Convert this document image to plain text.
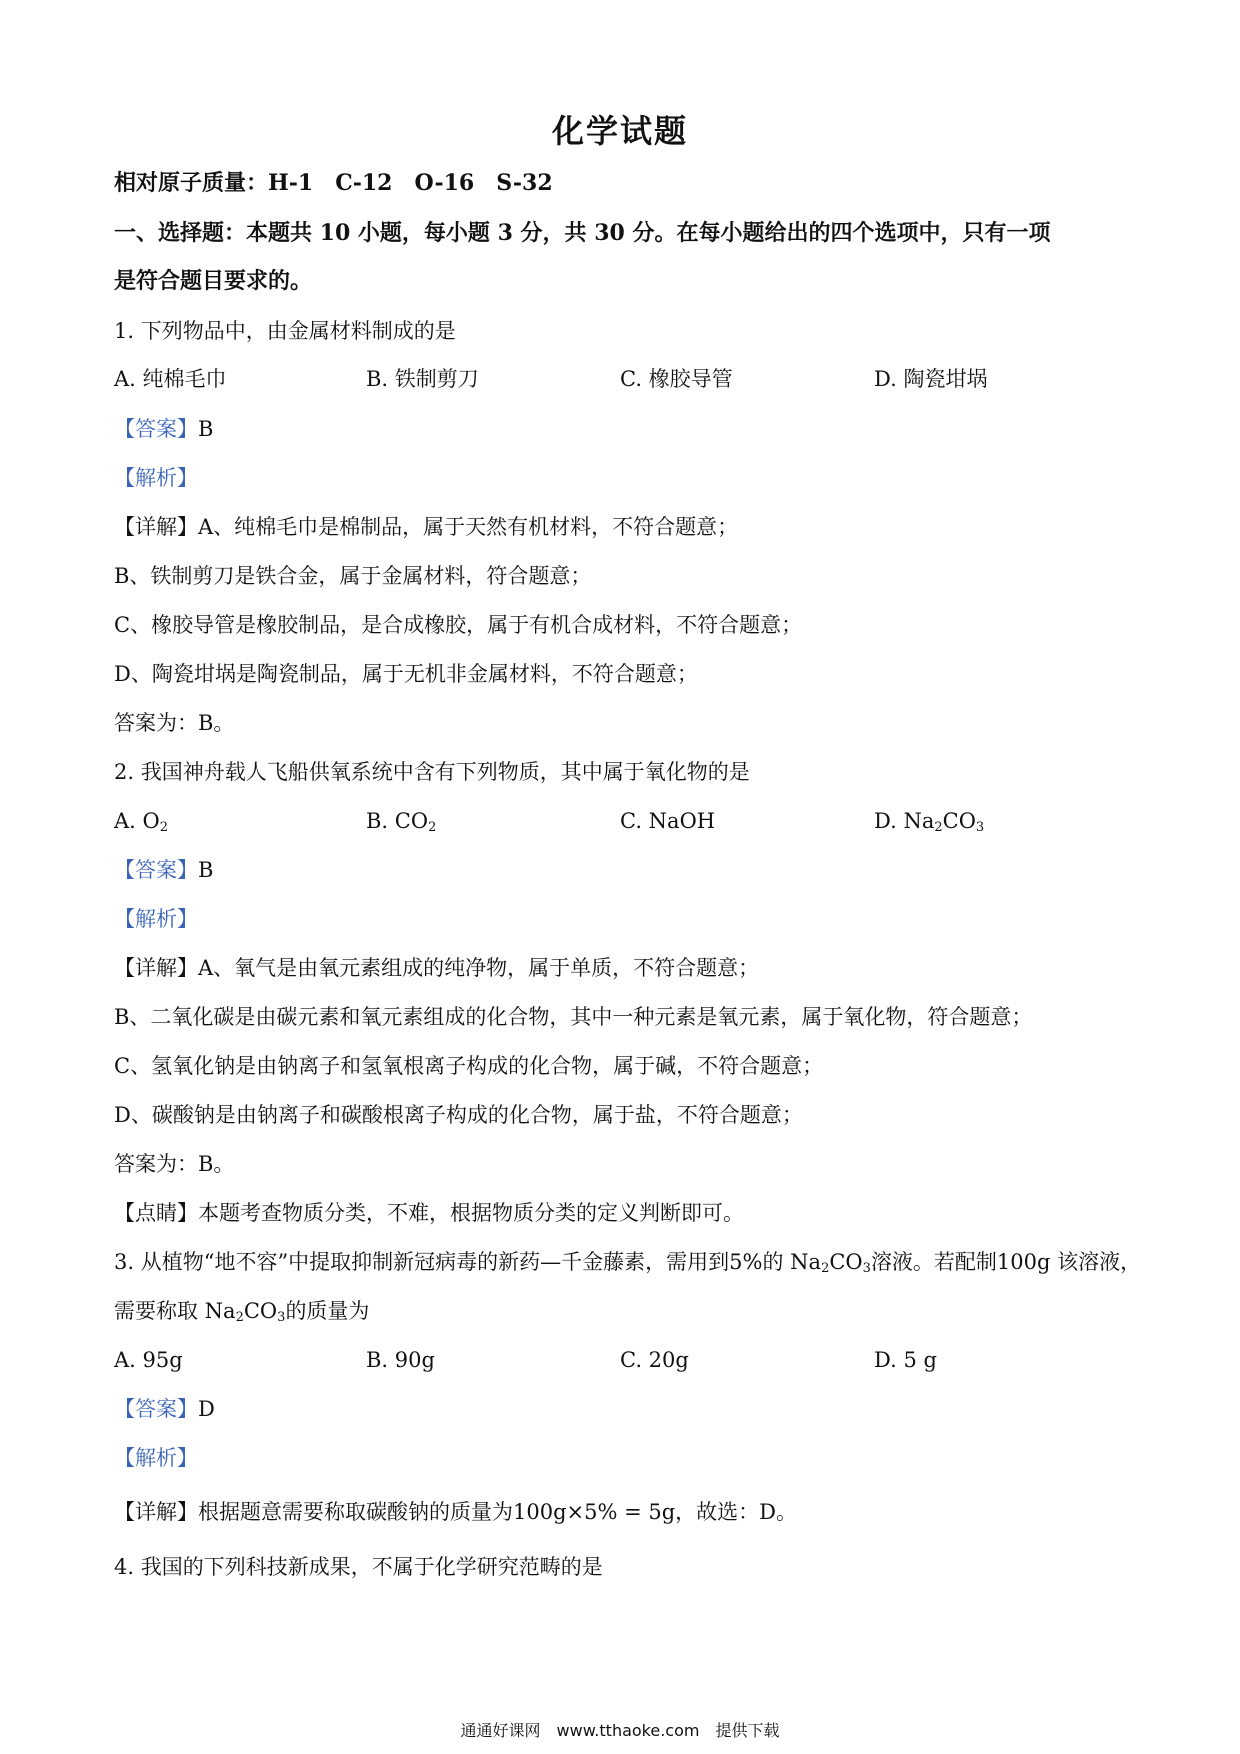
化学试题
相对原子质量：H-1　C-12　O-16　S-32
一、选择题：本题共 10 小题，每小题 3 分，共 30 分。在每小题给出的四个选项中，只有一项
是符合题目要求的。
1. 下列物品中，由金属材料制成的是
A. 纯棉毛巾	B. 铁制剪刀	C. 橡胶导管	D. 陶瓷坩埚
【答案】B
【解析】
【详解】A、纯棉毛巾是棉制品，属于天然有机材料，不符合题意；
B、铁制剪刀是铁合金，属于金属材料，符合题意；
C、橡胶导管是橡胶制品，是合成橡胶，属于有机合成材料，不符合题意；
D、陶瓷坩埚是陶瓷制品，属于无机非金属材料，不符合题意；
答案为：B。
2. 我国神舟载人飞船供氧系统中含有下列物质，其中属于氧化物的是
A. $O_2$	B. $CO_2$	C. NaOH	D. $Na_2CO_3$
【答案】B
【解析】
【详解】A、氧气是由氧元素组成的纯净物，属于单质，不符合题意；
B、二氧化碳是由碳元素和氧元素组成的化合物，其中一种元素是氧元素，属于氧化物，符合题意；
C、氢氧化钠是由钠离子和氢氧根离子构成的化合物，属于碱，不符合题意；
D、碳酸钠是由钠离子和碳酸根离子构成的化合物，属于盐，不符合题意；
答案为：B。
【点睛】本题考查物质分类，不难，根据物质分类的定义判断即可。
3. 从植物“地不容”中提取抑制新冠病毒的新药—千金藤素，需用到5%的 $Na_2CO_3$溶液。若配制100g 该溶液，
需要称取 $Na_2CO_3$的质量为
A. 95g	B. 90g	C. 20g	D. 5 g
【答案】D
【解析】
【详解】根据题意需要称取碳酸钠的质量为100g×5% = 5g，故选：D。
4. 我国的下列科技新成果，不属于化学研究范畴的是
通通好课网　www.tthaoke.com　提供下载
